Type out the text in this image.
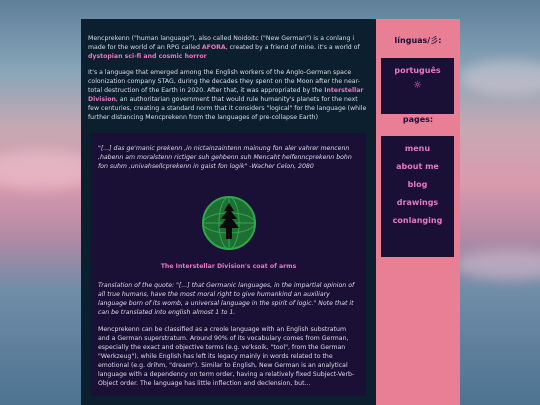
Mencprekenn ("human language"), also called Noidoitc ("New German") is a conlang i made for the world of an RPG called AFORA, created by a friend of mine. it's a world of dystopian sci-fi and cosmic horror

It's a language that emerged among the English workers of the Anglo-German space colonization company STAG, during the decades they spent on the Moon after the near-total destruction of the Earth in 2020. After that, it was appropriated by the Interstellar Division, an authoritarian government that would rule humanity's planets for the next few centuries, creating a standard norm that it considers "logical" for the language (while further distancing Mencprekenn from the languages of pre-collapse Earth)

"[...] das ge'manic prekenn ,in nictainzaintenn mainung fon aler vahrer mencenn ,habenn am moralstenn rictiger suh gehbenn suh Mencaht helfenncprekenn bohn fon suhm ,univahsellcprekenn in gaist fon logik" -Wacher Celon, 2080
The Interstellar Division's coat of arms
Translation of the quote: "[...] that Germanic languages, in the impartial opinion of all true humans, have the most moral right to give humankind an auxiliary language born of its womb, a universal language in the spirit of logic." Note that it can be translated into english almost 1 to 1.
Mencprekenn can be classified as a creole language with an English substratum and a German superstratum. Around 90% of its vocabulary comes from German, especially the exact and objective terms (e.g. ve'ksoik, "tool", from the German "Werkzeug"), while English has left its legacy mainly in words related to the emotional (e.g. drihm, "dream"). Similar to English, New German is an analytical language with a dependency on term order, having a relatively fixed Subject-Verb-Object order. The language has little inflection and declension, but...
línguas/⼺:
português
☼
pages:
menu
about me
blog
drawings
conlanging
